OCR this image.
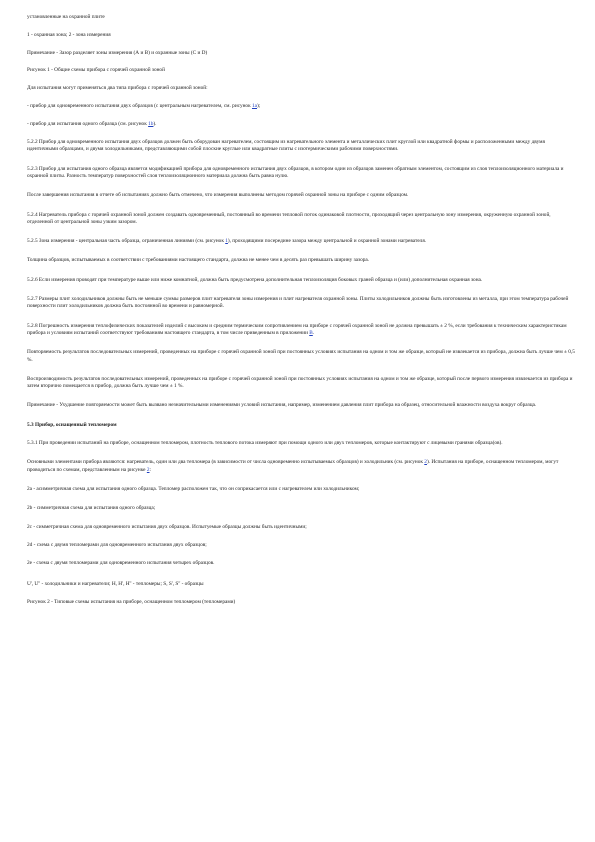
установленные на охранной плите
1 - охранная зона; 2 - зона измерения
Примечание - Зазор разделяет зоны измерения (А и В) и охранные зоны (С и D)
Рисунок 1 - Общие схемы прибора с горячей охранной зоной
Для испытания могут применяться два типа прибора с горячей охранной зоной:
- прибор для одновременного испытания двух образцов (с центральным нагревателем, см. рисунок 1а);
- прибор для испытания одного образца (см. рисунок 1b).
5.2.2 Прибор для одновременного испытания двух образцов должен быть оборудован нагревателем, состоящим из нагревательного элемента и металлических плит круглой или квадратной формы и расположенными между двумя идентичными образцами, и двумя холодильниками, представляющими собой плоские круглые или квадратные плиты с изотермическими рабочими поверхностями.
5.2.3 Прибор для испытания одного образца является модификацией прибора для одновременного испытания двух образцов, в котором один из образцов заменен обратным элементом, состоящим из слоя теплоизоляционного материала и охранной плиты. Разность температур поверхностей слоя теплоизоляционного материала должна быть равна нулю.
После завершения испытания в отчете об испытаниях должно быть отмечено, что измерения выполнены методом горячей охранной зоны на приборе с одним образцом.
5.2.4 Нагреватель прибора с горячей охранной зоной должен создавать одновременный, постоянный во времени тепловой поток одинаковой плотности, проходящий через центральную зону измерения, окруженную охранной зоной, отделенной от центральной зоны узким зазором.
5.2.5 Зона измерения - центральная часть образца, ограниченная линиями (см. рисунок 1), проходящими посередине зазора между центральной и охранной зонами нагревателя.
Толщина образцов, испытываемых в соответствии с требованиями настоящего стандарта, должна не менее чем в десять раз превышать ширину зазора.
5.2.6 Если измерения проводят при температуре выше или ниже комнатной, должна быть предусмотрена дополнительная теплоизоляция боковых граней образца и (или) дополнительная охранная зона.
5.2.7 Размеры плит холодильников должны быть не меньше суммы размеров плит нагревателя зоны измерения и плит нагревателя охранной зоны. Плиты холодильников должны быть изготовлены из металла, при этом температура рабочей поверхности плит холодильников должна быть постоянной во времени и равномерной.
5.2.8 Погрешность измерения теплофизических показателей изделий с высоким и средним термическим сопротивлением на приборе с горячей охранной зоной не должна превышать ± 2 %, если требования к техническим характеристикам прибора и условиям испытаний соответствуют требованиям настоящего стандарта, в том числе приведенным в приложении В.
Повторяемость результатов последовательных измерений, проведенных на приборе с горячей охранной зоной при постоянных условиях испытания на одном и том же образце, который не извлекается из прибора, должна быть лучше чем ± 0,5 %.
Воспроизводимость результатов последовательных измерений, проведенных на приборе с горячей охранной зоной при постоянных условиях испытания на одном и том же образце, который после первого измерения извлекается из прибора и затем вторично помещается в прибор, должна быть лучше чем ± 1 %.
Примечание - Ухудшение повторяемости может быть вызвано незначительными изменениями условий испытания, например, изменением давления плит прибора на образец, относительной влажности воздуха вокруг образца.
5.3 Прибор, оснащенный тепломером
5.3.1 При проведении испытаний на приборе, оснащенном тепломером, плотность теплового потока измеряют при помощи одного или двух тепломеров, которые контактируют с лицевыми гранями образца(ов).
Основными элементами прибора являются: нагреватель, один или два тепломера (в зависимости от числа одновременно испытываемых образцов) и холодильник (см. рисунок 2). Испытания на приборе, оснащенном тепломером, могут проводиться по схемам, представленным на рисунке 2:
2а - асимметричная схема для испытания одного образца. Тепломер расположен так, что он соприкасается или с нагревателем или холодильником;
2b - симметричная схема для испытания одного образца;
2с - симметричная схема для одновременного испытания двух образцов. Испытуемые образцы должны быть идентичными;
2d - схема с двумя тепломерами для одновременного испытания двух образцов;
2е - схема с двумя тепломерами для одновременного испытания четырех образцов.
U', U'' - холодильники и нагреватели; H, H', H'' - тепломеры; S, S', S'' - образцы
Рисунок 2 - Типовые схемы испытания на приборе, оснащенном тепломером (тепломерами)
